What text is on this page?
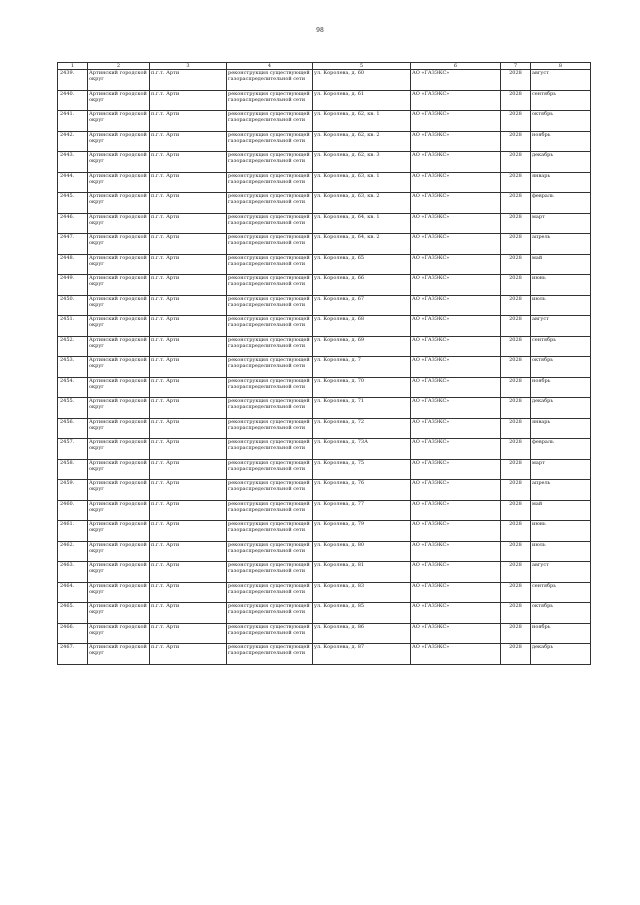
98
1	2	3	4	5	6	7	8
2439.	Артинский городской округ	п.г.т. Арти	реконструкция существующей газораспределительной сети	ул. Королева, д. 60	АО «ГАЗЭКС»	2028	август
2440.	Артинский городской округ	п.г.т. Арти	реконструкция существующей газораспределительной сети	ул. Королева, д. 61	АО «ГАЗЭКС»	2028	сентябрь
2441.	Артинский городской округ	п.г.т. Арти	реконструкция существующей газораспределительной сети	ул. Королева, д. 62, кв. 1	АО «ГАЗЭКС»	2028	октябрь
2442.	Артинский городской округ	п.г.т. Арти	реконструкция существующей газораспределительной сети	ул. Королева, д. 62, кв. 2	АО «ГАЗЭКС»	2028	ноябрь
2443.	Артинский городской округ	п.г.т. Арти	реконструкция существующей газораспределительной сети	ул. Королева, д. 62, кв. 3	АО «ГАЗЭКС»	2028	декабрь
2444.	Артинский городской округ	п.г.т. Арти	реконструкция существующей газораспределительной сети	ул. Королева, д. 63, кв. 1	АО «ГАЗЭКС»	2028	январь
2445.	Артинский городской округ	п.г.т. Арти	реконструкция существующей газораспределительной сети	ул. Королева, д. 63, кв. 2	АО «ГАЗЭКС»	2028	февраль
2446.	Артинский городской округ	п.г.т. Арти	реконструкция существующей газораспределительной сети	ул. Королева, д. 64, кв. 1	АО «ГАЗЭКС»	2028	март
2447.	Артинский городской округ	п.г.т. Арти	реконструкция существующей газораспределительной сети	ул. Королева, д. 64, кв. 2	АО «ГАЗЭКС»	2028	апрель
2448.	Артинский городской округ	п.г.т. Арти	реконструкция существующей газораспределительной сети	ул. Королева, д. 65	АО «ГАЗЭКС»	2028	май
2449.	Артинский городской округ	п.г.т. Арти	реконструкция существующей газораспределительной сети	ул. Королева, д. 66	АО «ГАЗЭКС»	2028	июнь
2450.	Артинский городской округ	п.г.т. Арти	реконструкция существующей газораспределительной сети	ул. Королева, д. 67	АО «ГАЗЭКС»	2028	июль
2451.	Артинский городской округ	п.г.т. Арти	реконструкция существующей газораспределительной сети	ул. Королева, д. 68	АО «ГАЗЭКС»	2028	август
2452.	Артинский городской округ	п.г.т. Арти	реконструкция существующей газораспределительной сети	ул. Королева, д. 69	АО «ГАЗЭКС»	2028	сентябрь
2453.	Артинский городской округ	п.г.т. Арти	реконструкция существующей газораспределительной сети	ул. Королева, д. 7	АО «ГАЗЭКС»	2028	октябрь
2454.	Артинский городской округ	п.г.т. Арти	реконструкция существующей газораспределительной сети	ул. Королева, д. 70	АО «ГАЗЭКС»	2028	ноябрь
2455.	Артинский городской округ	п.г.т. Арти	реконструкция существующей газораспределительной сети	ул. Королева, д. 71	АО «ГАЗЭКС»	2028	декабрь
2456.	Артинский городской округ	п.г.т. Арти	реконструкция существующей газораспределительной сети	ул. Королева, д. 72	АО «ГАЗЭКС»	2028	январь
2457.	Артинский городской округ	п.г.т. Арти	реконструкция существующей газораспределительной сети	ул. Королева, д. 73А	АО «ГАЗЭКС»	2028	февраль
2458.	Артинский городской округ	п.г.т. Арти	реконструкция существующей газораспределительной сети	ул. Королева, д. 75	АО «ГАЗЭКС»	2028	март
2459.	Артинский городской округ	п.г.т. Арти	реконструкция существующей газораспределительной сети	ул. Королева, д. 76	АО «ГАЗЭКС»	2028	апрель
2460.	Артинский городской округ	п.г.т. Арти	реконструкция существующей газораспределительной сети	ул. Королева, д. 77	АО «ГАЗЭКС»	2028	май
2461.	Артинский городской округ	п.г.т. Арти	реконструкция существующей газораспределительной сети	ул. Королева, д. 79	АО «ГАЗЭКС»	2028	июнь
2462.	Артинский городской округ	п.г.т. Арти	реконструкция существующей газораспределительной сети	ул. Королева, д. 80	АО «ГАЗЭКС»	2028	июль
2463.	Артинский городской округ	п.г.т. Арти	реконструкция существующей газораспределительной сети	ул. Королева, д. 81	АО «ГАЗЭКС»	2028	август
2464.	Артинский городской округ	п.г.т. Арти	реконструкция существующей газораспределительной сети	ул. Королева, д. 83	АО «ГАЗЭКС»	2028	сентябрь
2465.	Артинский городской округ	п.г.т. Арти	реконструкция существующей газораспределительной сети	ул. Королева, д. 85	АО «ГАЗЭКС»	2028	октябрь
2466.	Артинский городской округ	п.г.т. Арти	реконструкция существующей газораспределительной сети	ул. Королева, д. 86	АО «ГАЗЭКС»	2028	ноябрь
2467.	Артинский городской округ	п.г.т. Арти	реконструкция существующей газораспределительной сети	ул. Королева, д. 87	АО «ГАЗЭКС»	2028	декабрь
